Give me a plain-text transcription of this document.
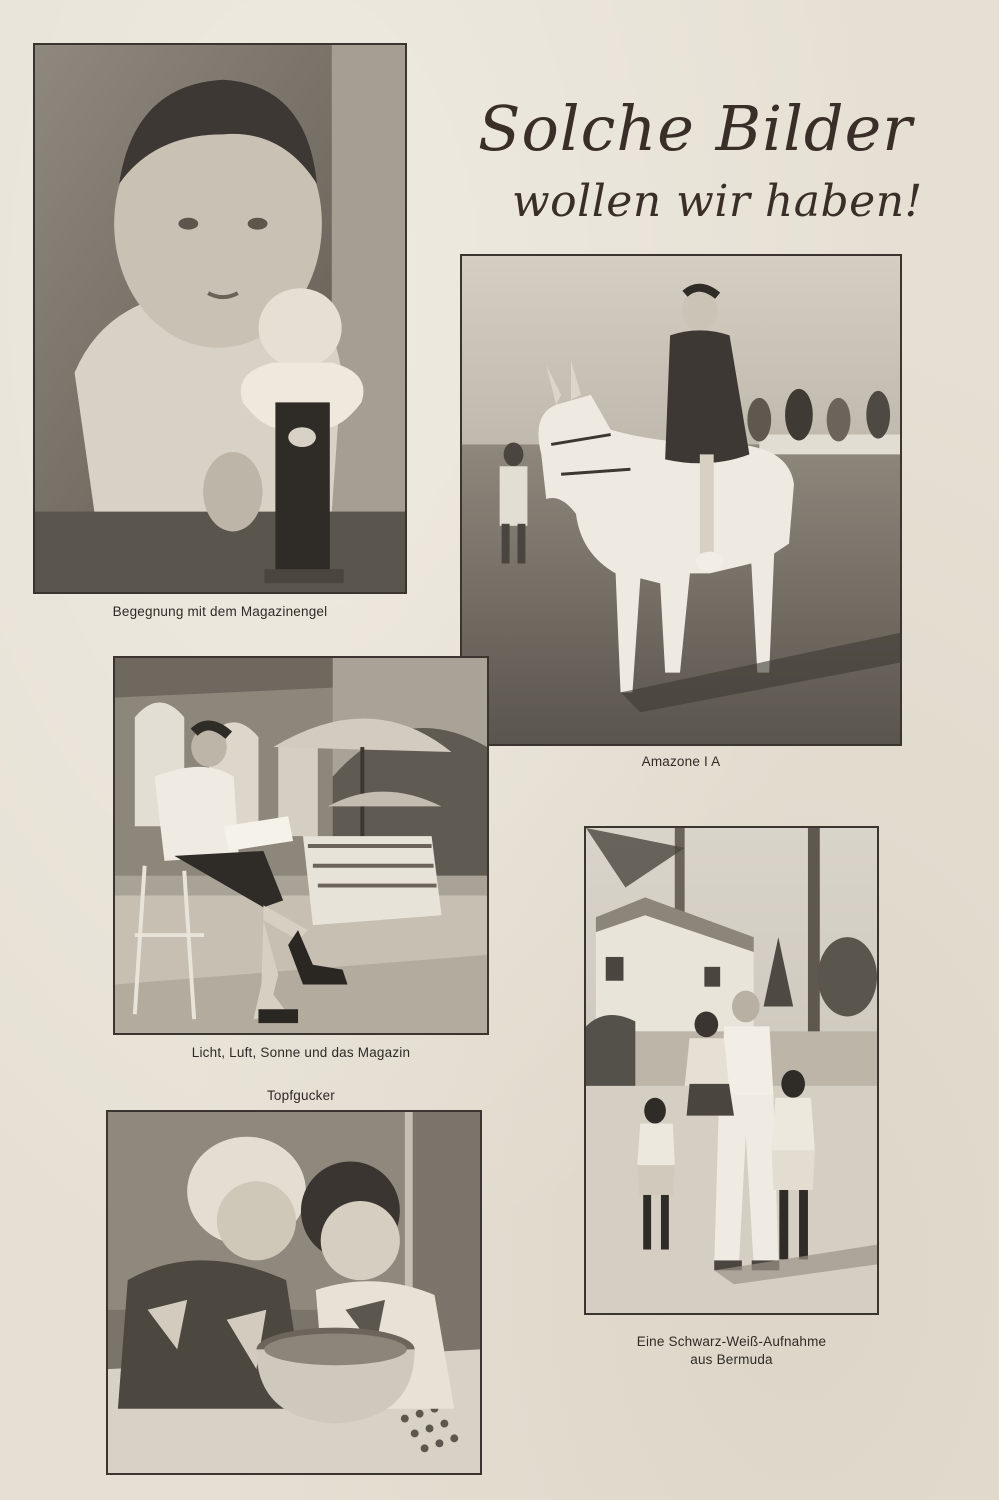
Solche Bilder
wollen wir haben!
Begegnung mit dem Magazinengel
Amazone I A
Licht, Luft, Sonne und das Magazin
Topfgucker
Eine Schwarz-Weiß-Aufnahme
aus Bermuda
